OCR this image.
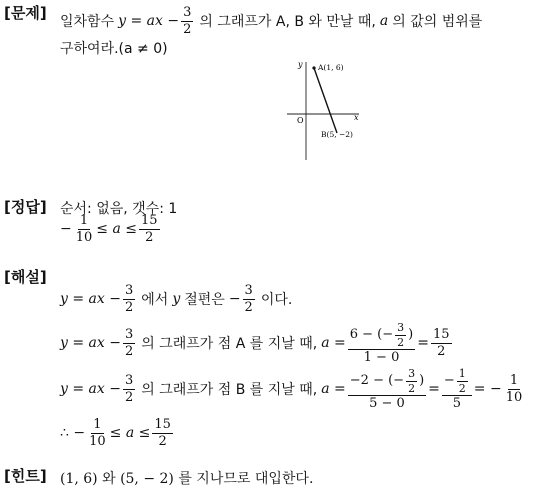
[문제]
일차함수 y = ax − $\frac{3}{2}$ 의 그래프가 A, B 와 만날 때, a 의 값의 범위를
구하여라.(a ≠ 0)
y
x
O
A(1, 6)
B(5, −2)
[정답] 순서: 없음, 갯수: 1
− $\frac{1}{10} \le a \le \frac{15}{2}$
[해설]
y = ax − $\frac{3}{2}$ 에서 y 절편은 − $\frac{3}{2}$ 이다.
y = ax − $\frac{3}{2}$ 의 그래프가 점 A 를 지날 때, $a = \frac{6 - (- \frac{3}{2} )}{1 - 0} = \frac{15}{2}$
y = ax − $\frac{3}{2}$ 의 그래프가 점 B 를 지날 때, $a = \frac{-2 - (- \frac{3}{2} )}{5 - 0} = \frac{- \frac{1}{2}}{5}$ = − $\frac{1}{10}$
∴ − $\frac{1}{10} \le a \le \frac{15}{2}$
[힌트] (1, 6) 와 (5, − 2) 를 지나므로 대입한다.
